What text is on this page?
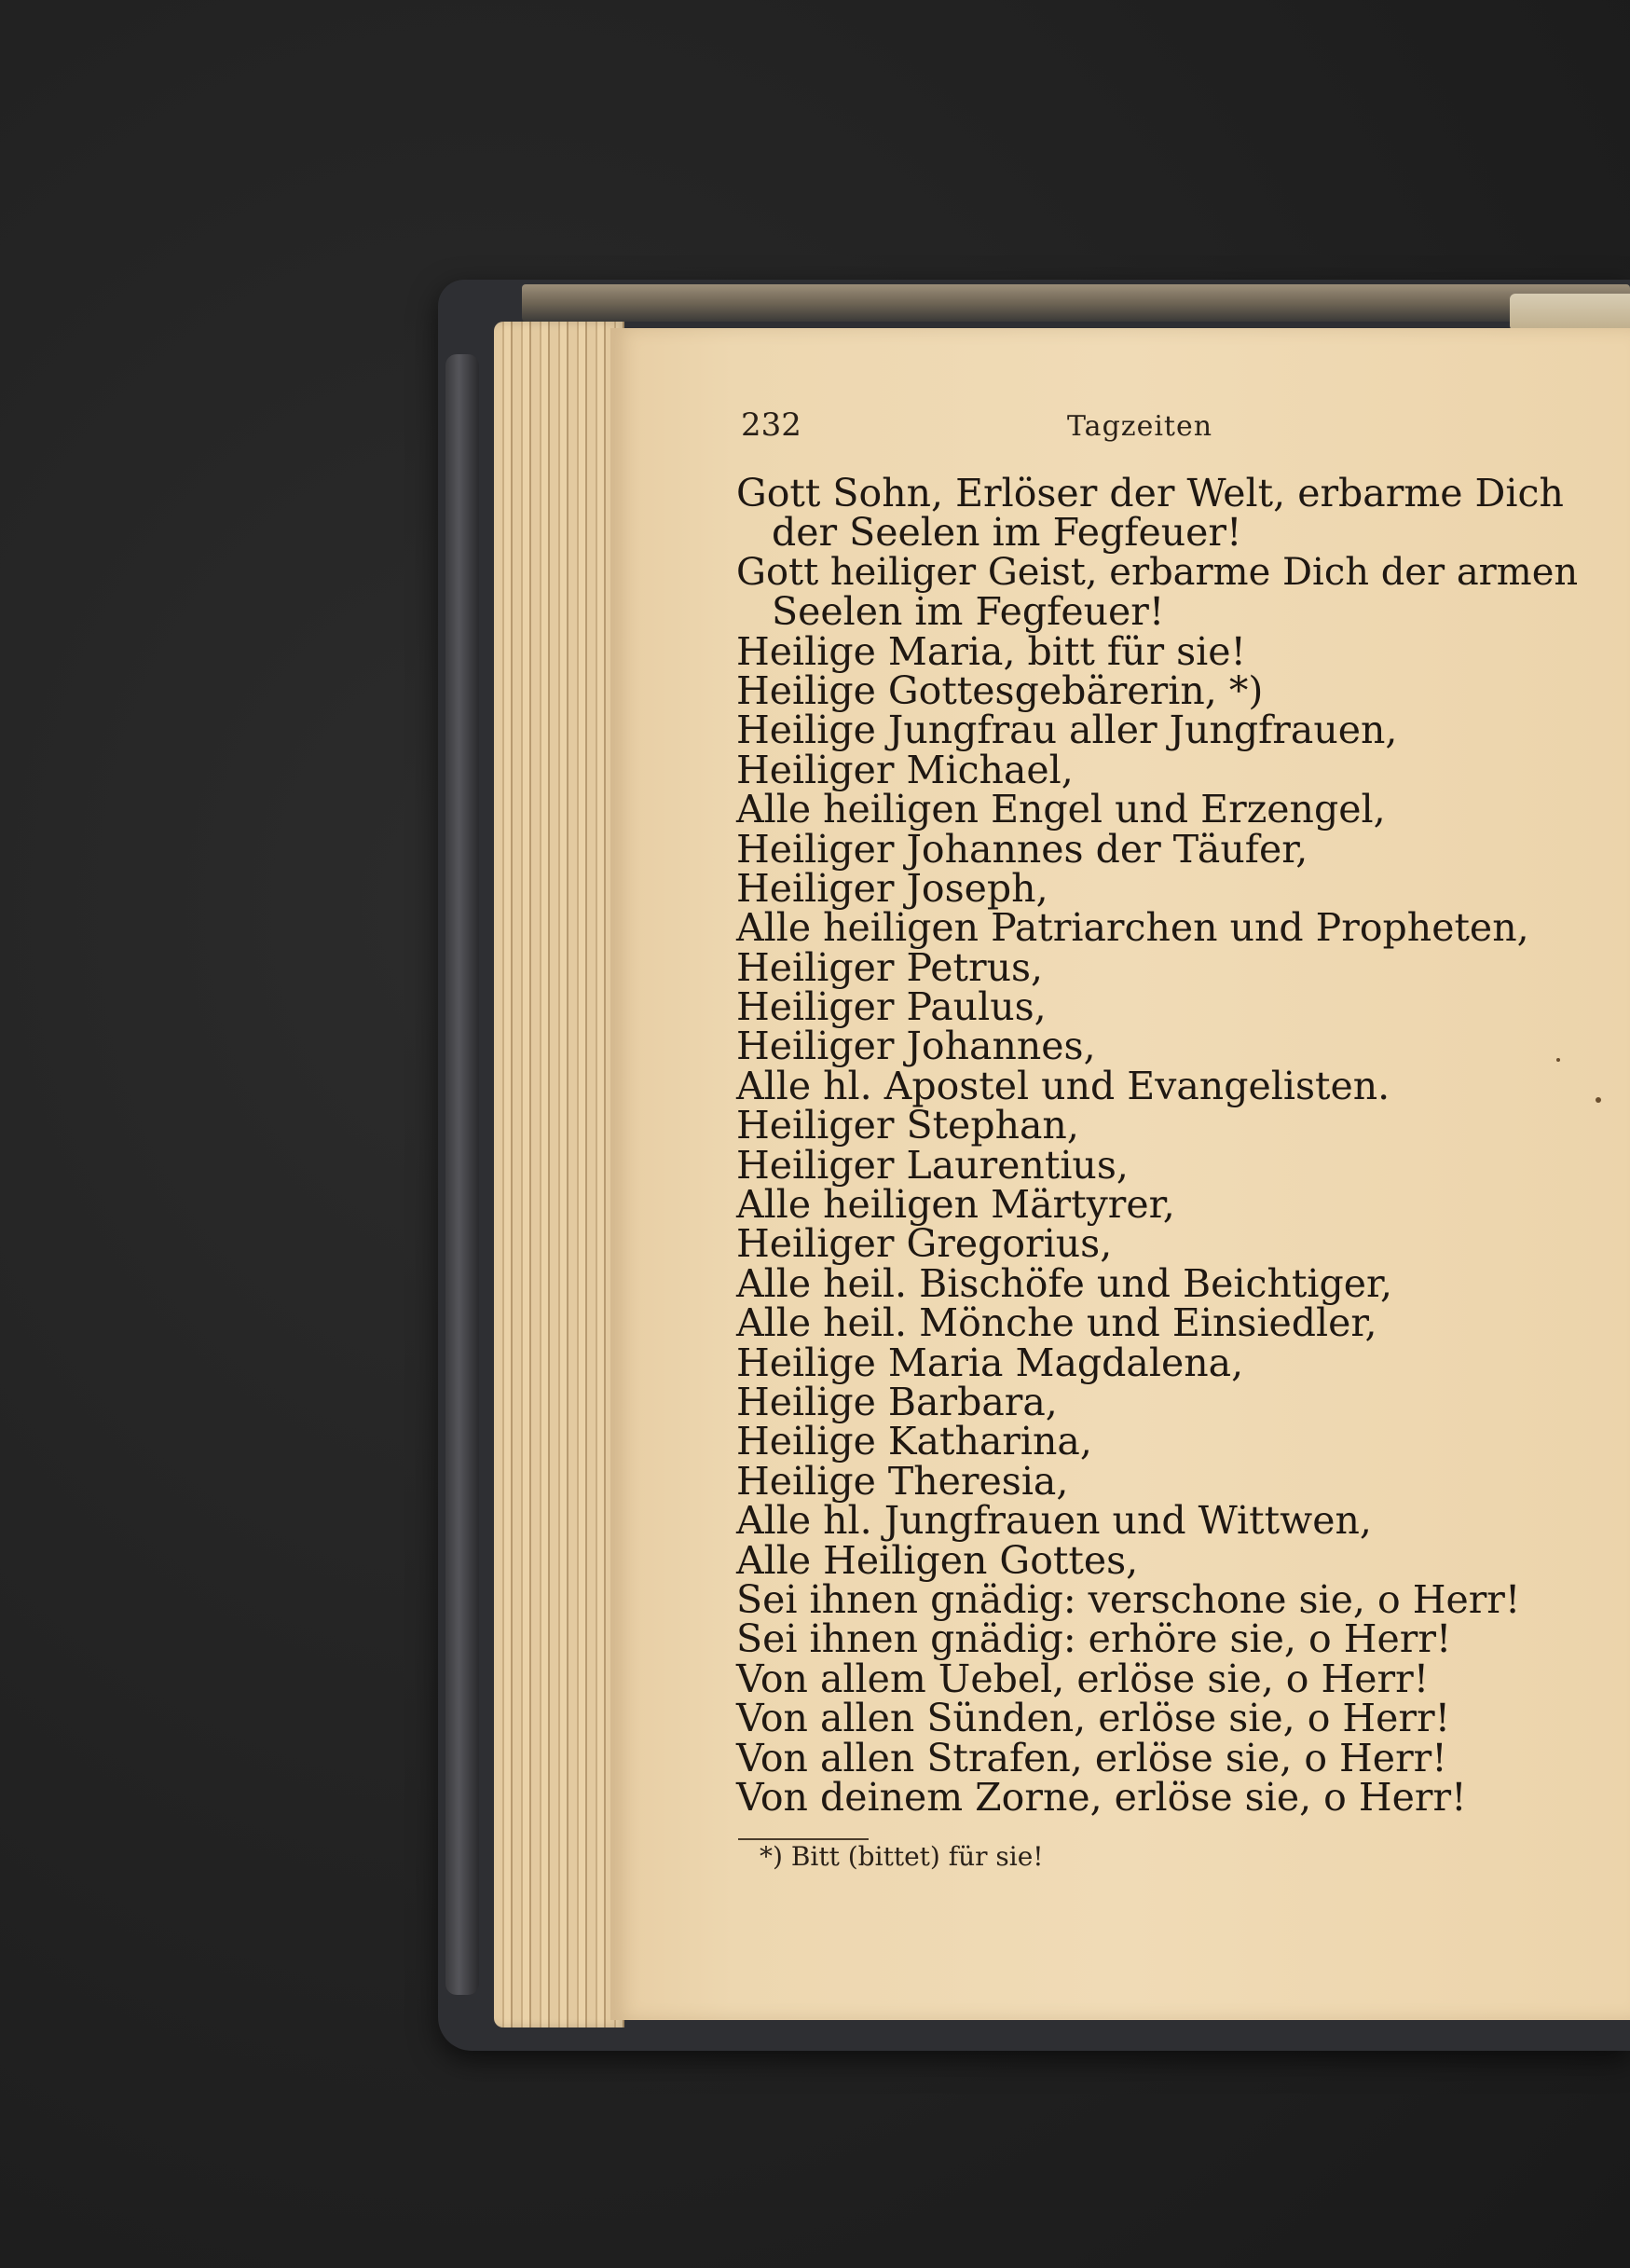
232	Tagzeiten
Gott Sohn, Erlöser der Welt, erbarme Dich
der Seelen im Fegfeuer!
Gott heiliger Geist, erbarme Dich der armen
Seelen im Fegfeuer!
Heilige Maria, bitt für sie!
Heilige Gottesgebärerin, *)
Heilige Jungfrau aller Jungfrauen,
Heiliger Michael,
Alle heiligen Engel und Erzengel,
Heiliger Johannes der Täufer,
Heiliger Joseph,
Alle heiligen Patriarchen und Propheten,
Heiliger Petrus,
Heiliger Paulus,
Heiliger Johannes,
Alle hl. Apostel und Evangelisten.
Heiliger Stephan,
Heiliger Laurentius,
Alle heiligen Märtyrer,
Heiliger Gregorius,
Alle heil. Bischöfe und Beichtiger,
Alle heil. Mönche und Einsiedler,
Heilige Maria Magdalena,
Heilige Barbara,
Heilige Katharina,
Heilige Theresia,
Alle hl. Jungfrauen und Wittwen,
Alle Heiligen Gottes,
Sei ihnen gnädig: verschone sie, o Herr!
Sei ihnen gnädig: erhöre sie, o Herr!
Von allem Uebel, erlöse sie, o Herr!
Von allen Sünden, erlöse sie, o Herr!
Von allen Strafen, erlöse sie, o Herr!
Von deinem Zorne, erlöse sie, o Herr!
*) Bitt (bittet) für sie!
